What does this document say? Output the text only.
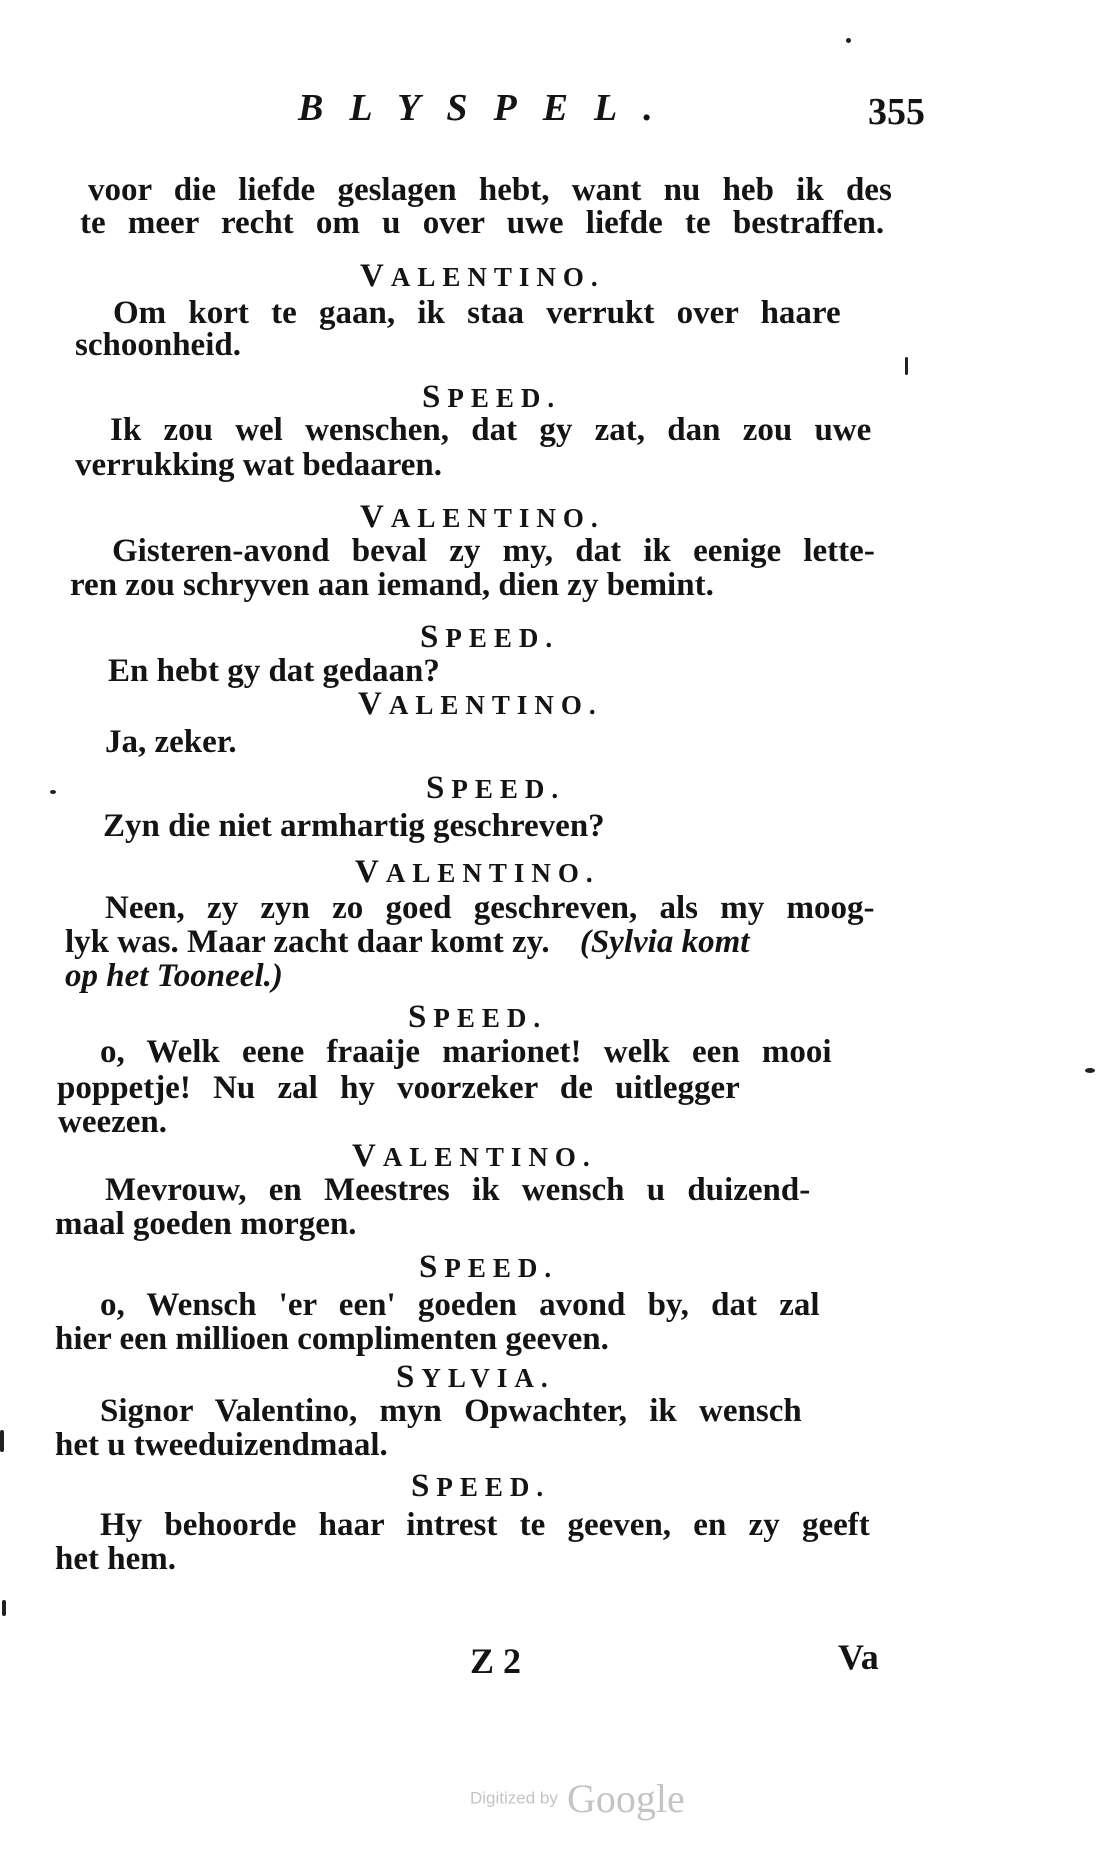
BLYSPEL.	355
voor die liefde geslagen hebt, want nu heb ik des
te meer recht om u over uwe liefde te bestraffen.
VALENTINO.
Om kort te gaan, ik staa verrukt over haare
schoonheid.
SPEED.
Ik zou wel wenschen, dat gy zat, dan zou uwe
verrukking wat bedaaren.
VALENTINO.
Gisteren-avond beval zy my, dat ik eenige lette-
ren zou schryven aan iemand, dien zy bemint.
SPEED.
En hebt gy dat gedaan?
VALENTINO.
Ja, zeker.
SPEED.
Zyn die niet armhartig geschreven?
VALENTINO.
Neen, zy zyn zo goed geschreven, als my moog-
lyk was. Maar zacht daar komt zy. (Sylvia komt
op het Tooneel.)
SPEED.
o, Welk eene fraaije marionet! welk een mooi
poppetje! Nu zal hy voorzeker de uitlegger
weezen.
VALENTINO.
Mevrouw, en Meestres ik wensch u duizend-
maal goeden morgen.
SPEED.
o, Wensch 'er een' goeden avond by, dat zal
hier een millioen complimenten geeven.
SYLVIA.
Signor Valentino, myn Opwachter, ik wensch
het u tweeduizendmaal.
SPEED.
Hy behoorde haar intrest te geeven, en zy geeft
het hem.
Z 2	Va
Digitized by Google
